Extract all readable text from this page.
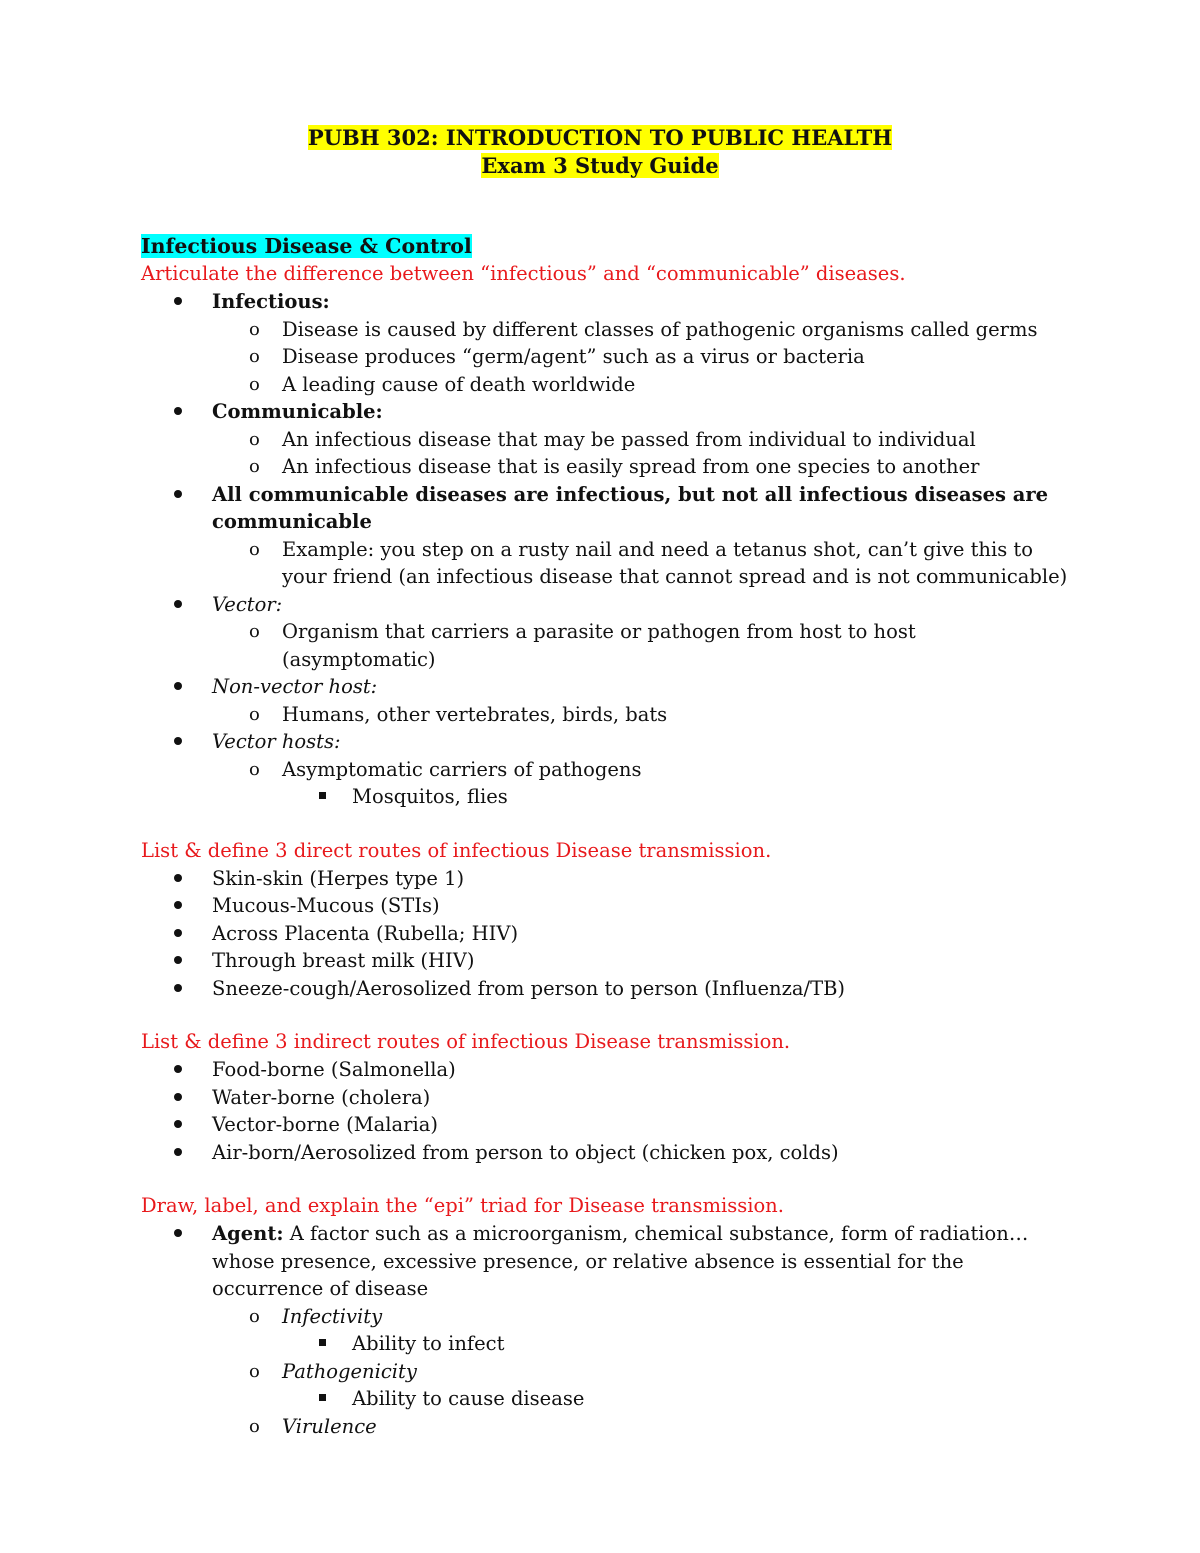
PUBH 302: INTRODUCTION TO PUBLIC HEALTH
Exam 3 Study Guide
Infectious Disease & Control

Articulate the difference between “infectious” and “communicable” diseases.

Infectious:
o Disease is caused by different classes of pathogenic organisms called germs
o Disease produces “germ/agent” such as a virus or bacteria
o A leading cause of death worldwide
Communicable:
o An infectious disease that may be passed from individual to individual
o An infectious disease that is easily spread from one species to another
All communicable diseases are infectious, but not all infectious diseases are communicable
o Example: you step on a rusty nail and need a tetanus shot, can’t give this to your friend (an infectious disease that cannot spread and is not communicable)
Vector:
o Organism that carriers a parasite or pathogen from host to host (asymptomatic)
Non-vector host:
o Humans, other vertebrates, birds, bats
Vector hosts:
o Asymptomatic carriers of pathogens
Mosquitos, flies

List & define 3 direct routes of infectious Disease transmission.

Skin-skin (Herpes type 1)
Mucous-Mucous (STIs)
Across Placenta (Rubella; HIV)
Through breast milk (HIV)
Sneeze-cough/Aerosolized from person to person (Influenza/TB)

List & define 3 indirect routes of infectious Disease transmission.

Food-borne (Salmonella)
Water-borne (cholera)
Vector-borne (Malaria)
Air-born/Aerosolized from person to object (chicken pox, colds)

Draw, label, and explain the “epi” triad for Disease transmission.

Agent: A factor such as a microorganism, chemical substance, form of radiation… whose presence, excessive presence, or relative absence is essential for the occurrence of disease
o Infectivity
Ability to infect
o Pathogenicity
Ability to cause disease
o Virulence
